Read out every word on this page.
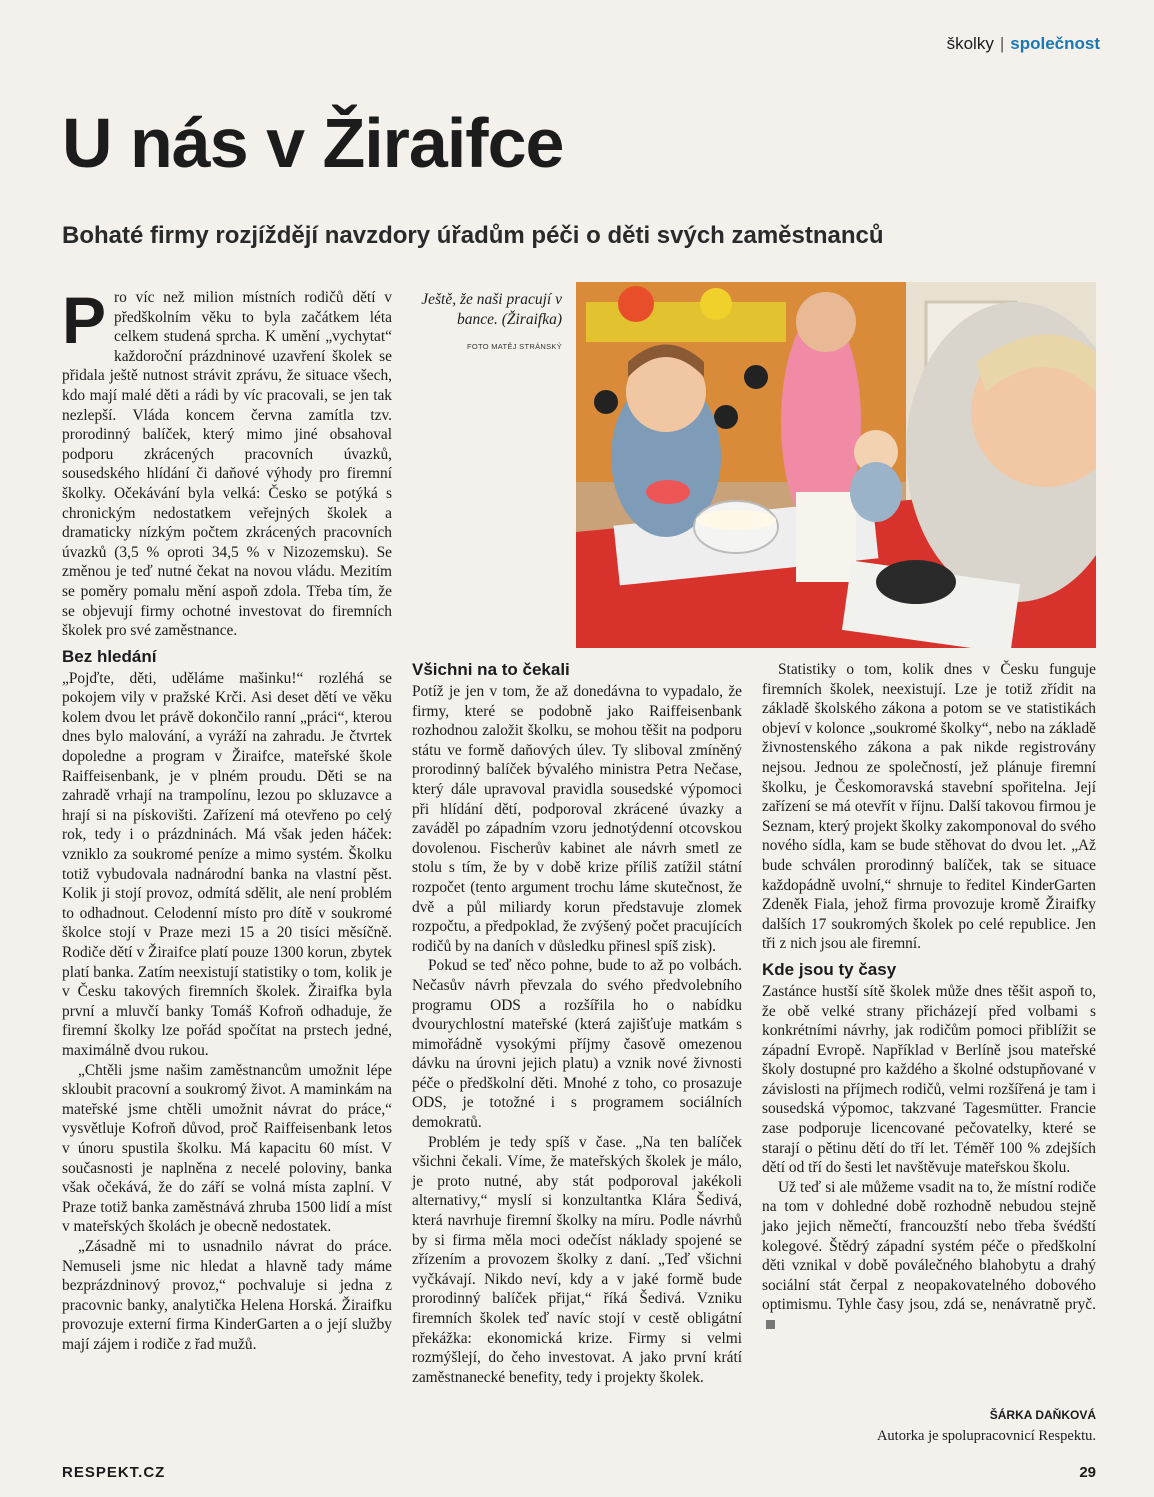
školky | společnost
U nás v Žiraifce
Bohaté firmy rozjíždějí navzdory úřadům péči o děti svých zaměstnanců
Ještě, že naši pracují v bance. (Žiraifka)
FOTO MATĚJ STRÁNSKÝ

Pro víc než milion místních rodičů dětí v předškolním věku to byla začátkem léta celkem studená sprcha. K umění „vychytat“ každoroční prázdninové uzavření školek se přidala ještě nutnost strávit zprávu, že situace všech, kdo mají malé děti a rádi by víc pracovali, se jen tak nezlepší. Vláda koncem června zamítla tzv. prorodinný balíček, který mimo jiné obsahoval podporu zkrácených pracovních úvazků, sousedského hlídání či daňové výhody pro firemní školky. Očekávání byla velká: Česko se potýká s chronickým nedostatkem veřejných školek a dramaticky nízkým počtem zkrácených pracovních úvazků (3,5 % oproti 34,5 % v Nizozemsku). Se změnou je teď nutné čekat na novou vládu. Mezitím se poměry pomalu mění aspoň zdola. Třeba tím, že se objevují firmy ochotné investovat do firemních školek pro své zaměstnance.

Bez hledání

„Pojďte, děti, uděláme mašinku!“ rozléhá se pokojem vily v pražské Krči. Asi deset dětí ve věku kolem dvou let právě dokončilo ranní „práci“, kterou dnes bylo malování, a vyráží na zahradu. Je čtvrtek dopoledne a program v Žiraifce, mateřské škole Raiffeisenbank, je v plném proudu. Děti se na zahradě vrhají na trampolínu, lezou po skluzavce a hrají si na pískovišti. Zařízení má otevřeno po celý rok, tedy i o prázdninách. Má však jeden háček: vzniklo za soukromé peníze a mimo systém. Školku totiž vybudovala nadnárodní banka na vlastní pěst. Kolik ji stojí provoz, odmítá sdělit, ale není problém to odhadnout. Celodenní místo pro dítě v soukromé školce stojí v Praze mezi 15 a 20 tisíci měsíčně. Rodiče dětí v Žiraifce platí pouze 1300 korun, zbytek platí banka. Zatím neexistují statistiky o tom, kolik je v Česku takových firemních školek. Žiraifka byla první a mluvčí banky Tomáš Kofroň odhaduje, že firemní školky lze pořád spočítat na prstech jedné, maximálně dvou rukou.

„Chtěli jsme našim zaměstnancům umožnit lépe skloubit pracovní a soukromý život. A maminkám na mateřské jsme chtěli umožnit návrat do práce,“ vysvětluje Kofroň důvod, proč Raiffeisenbank letos v únoru spustila školku. Má kapacitu 60 míst. V současnosti je naplněna z necelé poloviny, banka však očekává, že do září se volná místa zaplní. V Praze totiž banka zaměstnává zhruba 1500 lidí a míst v mateřských školách je obecně nedostatek.

„Zásadně mi to usnadnilo návrat do práce. Nemuseli jsme nic hledat a hlavně tady máme bezprázdninový provoz,“ pochvaluje si jedna z pracovnic banky, analytička Helena Horská. Žiraifku provozuje externí firma KinderGarten a o její služby mají zájem i rodiče z řad mužů.

Všichni na to čekali

Potíž je jen v tom, že až donedávna to vypadalo, že firmy, které se podobně jako Raiffeisenbank rozhodnou založit školku, se mohou těšit na podporu státu ve formě daňových úlev. Ty sliboval zmíněný prorodinný balíček bývalého ministra Petra Nečase, který dále upravoval pravidla sousedské výpomoci při hlídání dětí, podporoval zkrácené úvazky a zaváděl po západním vzoru jednotýdenní otcovskou dovolenou. Fischerův kabinet ale návrh smetl ze stolu s tím, že by v době krize příliš zatížil státní rozpočet (tento argument trochu láme skutečnost, že dvě a půl miliardy korun představuje zlomek rozpočtu, a předpoklad, že zvýšený počet pracujících rodičů by na daních v důsledku přinesl spíš zisk).

Pokud se teď něco pohne, bude to až po volbách. Nečasův návrh převzala do svého předvolebního programu ODS a rozšířila ho o nabídku dvourychlostní mateřské (která zajišťuje matkám s mimořádně vysokými příjmy časově omezenou dávku na úrovni jejich platu) a vznik nové živnosti péče o předškolní děti. Mnohé z toho, co prosazuje ODS, je totožné i s programem sociálních demokratů.

Problém je tedy spíš v čase. „Na ten balíček všichni čekali. Víme, že mateřských školek je málo, je proto nutné, aby stát podporoval jakékoli alternativy,“ myslí si konzultantka Klára Šedivá, která navrhuje firemní školky na míru. Podle návrhů by si firma měla moci odečíst náklady spojené se zřízením a provozem školky z daní. „Teď všichni vyčkávají. Nikdo neví, kdy a v jaké formě bude prorodinný balíček přijat,“ říká Šedivá. Vzniku firemních školek teď navíc stojí v cestě obligátní překážka: ekonomická krize. Firmy si velmi rozmýšlejí, do čeho investovat. A jako první krátí zaměstnanecké benefity, tedy i projekty školek.

Statistiky o tom, kolik dnes v Česku funguje firemních školek, neexistují. Lze je totiž zřídit na základě školského zákona a potom se ve statistikách objeví v kolonce „soukromé školky“, nebo na základě živnostenského zákona a pak nikde registrovány nejsou. Jednou ze společností, jež plánuje firemní školku, je Českomoravská stavební spořitelna. Její zařízení se má otevřít v říjnu. Další takovou firmou je Seznam, který projekt školky zakomponoval do svého nového sídla, kam se bude stěhovat do dvou let. „Až bude schválen prorodinný balíček, tak se situace každopádně uvolní,“ shrnuje to ředitel KinderGarten Zdeněk Fiala, jehož firma provozuje kromě Žiraifky dalších 17 soukromých školek po celé republice. Jen tři z nich jsou ale firemní.

Kde jsou ty časy

Zastánce hustší sítě školek může dnes těšit aspoň to, že obě velké strany přicházejí před volbami s konkrétními návrhy, jak rodičům pomoci přiblížit se západní Evropě. Například v Berlíně jsou mateřské školy dostupné pro každého a školné odstupňované v závislosti na příjmech rodičů, velmi rozšířená je tam i sousedská výpomoc, takzvané Tagesmütter. Francie zase podporuje licencované pečovatelky, které se starají o pětinu dětí do tří let. Téměř 100 % zdejších dětí od tří do šesti let navštěvuje mateřskou školu.

Už teď si ale můžeme vsadit na to, že místní rodiče na tom v dohledné době rozhodně nebudou stejně jako jejich němečtí, francouzští nebo třeba švédští kolegové. Štědrý západní systém péče o předškolní děti vznikal v době poválečného blahobytu a drahý sociální stát čerpal z neopakovatelného dobového optimismu. Tyhle časy jsou, zdá se, nenávratně pryč.

ŠÁRKA DAŇKOVÁ
Autorka je spolupracovnicí Respektu.
RESPEKT.CZ	29
